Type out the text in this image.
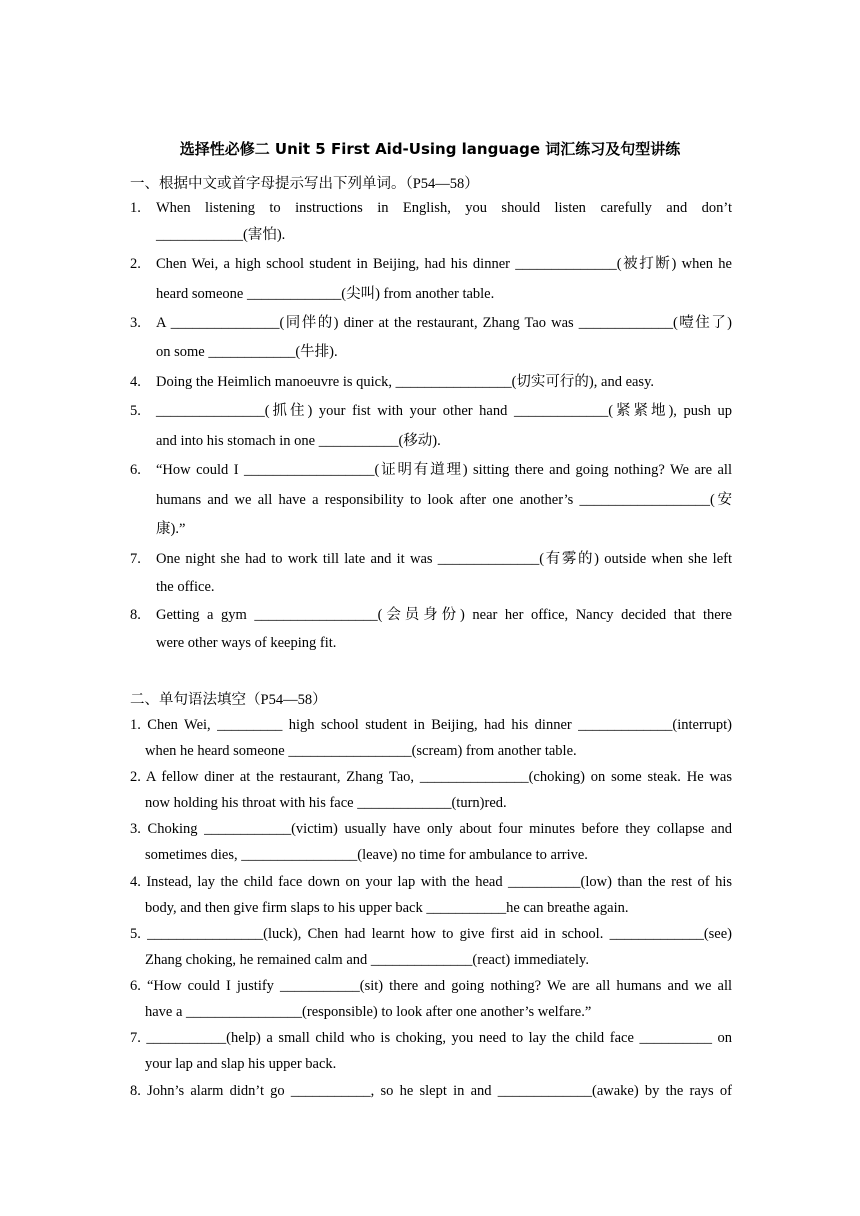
选择性必修二 Unit 5 First Aid-Using language 词汇练习及句型讲练
一、根据中文或首字母提示写出下列单词。（P54—58）
1. When listening to instructions in English, you should listen carefully and don’t
____________(害怕).
2. Chen Wei, a high school student in Beijing, had his dinner ______________(被打断) when he
heard someone _____________(尖叫) from another table.
3. A _______________(同伴的) diner at the restaurant, Zhang Tao was _____________(噎住了)
on some ____________(牛排).
4. Doing the Heimlich manoeuvre is quick, ________________(切实可行的), and easy.
5. _______________(抓住) your fist with your other hand _____________(紧紧地), push up
and into his stomach in one ___________(移动).
6. “How could I __________________(证明有道理) sitting there and going nothing? We are all
humans and we all have a responsibility to look after one another’s __________________(安
康).”
7. One night she had to work till late and it was ______________(有雾的) outside when she left
the office.
8. Getting a gym _________________(会员身份) near her office, Nancy decided that there
were other ways of keeping fit.
二、单句语法填空（P54—58）
1. Chen Wei, _________ high school student in Beijing, had his dinner _____________(interrupt)
when he heard someone _________________(scream) from another table.
2. A fellow diner at the restaurant, Zhang Tao, _______________(choking) on some steak. He was
now holding his throat with his face _____________(turn)red.
3. Choking ____________(victim) usually have only about four minutes before they collapse and
sometimes dies, ________________(leave) no time for ambulance to arrive.
4. Instead, lay the child face down on your lap with the head __________(low) than the rest of his
body, and then give firm slaps to his upper back ___________he can breathe again.
5. ________________(luck), Chen had learnt how to give first aid in school. _____________(see)
Zhang choking, he remained calm and ______________(react) immediately.
6. “How could I justify ___________(sit) there and going nothing? We are all humans and we all
have a ________________(responsible) to look after one another’s welfare.”
7. ___________(help) a small child who is choking, you need to lay the child face __________ on
your lap and slap his upper back.
8. John’s alarm didn’t go ___________, so he slept in and _____________(awake) by the rays of
